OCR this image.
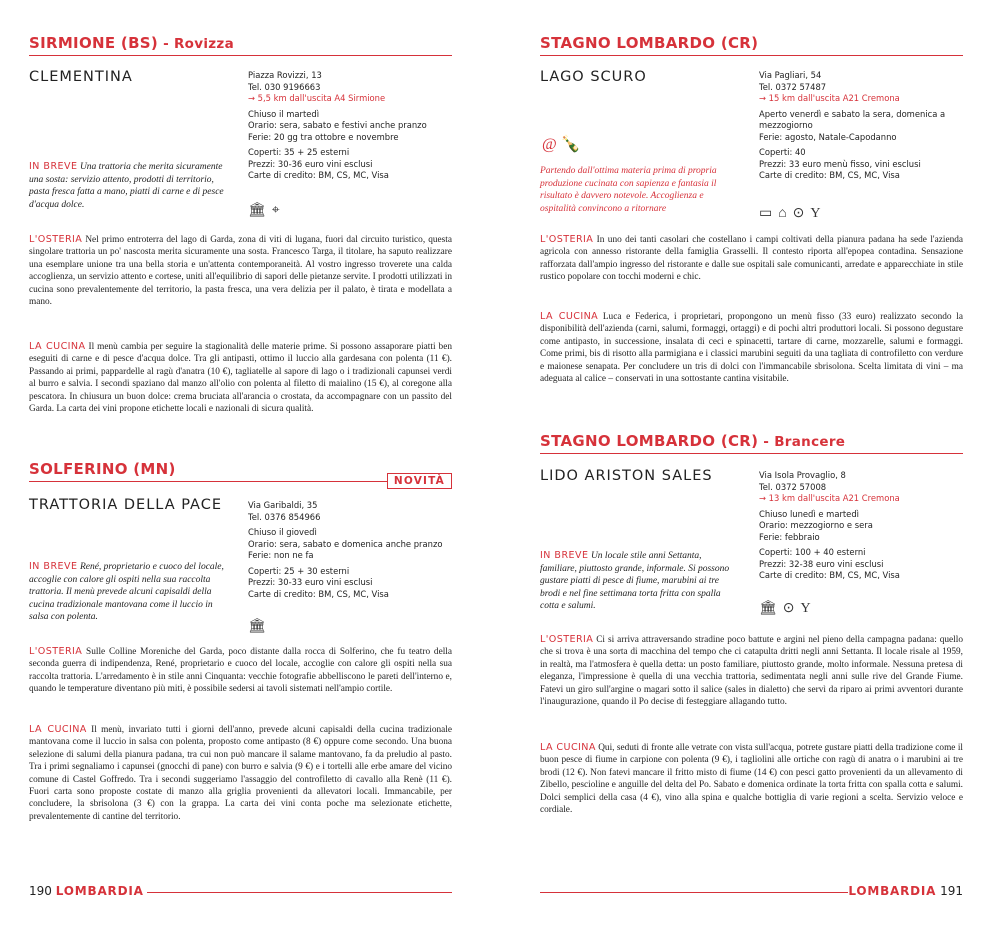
SIRMIONE (BS) - Rovizza
CLEMENTINA	Piazza Rovizzi, 13
Tel. 030 9196663
→ 5,5 km dall'uscita A4 Sirmione
Chiuso il martedì
Orario: sera, sabato e festivi anche pranzo
Ferie: 20 gg tra ottobre e novembre
Coperti: 35 + 25 esterni
Prezzi: 30-36 euro vini esclusi
Carte di credito: BM, CS, MC, Visa
🏛 ⌖
IN BREVE Una trattoria che merita sicuramente una sosta: servizio attento, prodotti di territorio, pasta fresca fatta a mano, piatti di carne e di pesce d'acqua dolce.
L'OSTERIA Nel primo entroterra del lago di Garda, zona di viti di lugana, fuori dal circuito turistico, questa singolare trattoria un po' nascosta merita sicuramente una sosta. Francesco Targa, il titolare, ha saputo realizzare una esemplare unione tra una bella storia e un'attenta contemporaneità. Al vostro ingresso troverete una calda accoglienza, un servizio attento e cortese, uniti all'equilibrio di sapori delle pietanze servite. I prodotti utilizzati in cucina sono prevalentemente del territorio, la pasta fresca, una vera delizia per il palato, è tirata e modellata a mano.
LA CUCINA Il menù cambia per seguire la stagionalità delle materie prime. Si possono assaporare piatti ben eseguiti di carne e di pesce d'acqua dolce. Tra gli antipasti, ottimo il luccio alla gardesana con polenta (11 €). Passando ai primi, pappardelle al ragù d'anatra (10 €), tagliatelle al sapore di lago o i tradizionali capunsei verdi al burro e salvia. I secondi spaziano dal manzo all'olio con polenta al filetto di maialino (15 €), al coregone alla pescatora. In chiusura un buon dolce: crema bruciata all'arancia o crostata, da accompagnare con un passito del Garda. La carta dei vini propone etichette locali e nazionali di sicura qualità.
SOLFERINO (MN)
NOVITÀ
TRATTORIA DELLA PACE	Via Garibaldi, 35
Tel. 0376 854966
Chiuso il giovedì
Orario: sera, sabato e domenica anche pranzo
Ferie: non ne fa
Coperti: 25 + 30 esterni
Prezzi: 30-33 euro vini esclusi
Carte di credito: BM, CS, MC, Visa
🏛
IN BREVE René, proprietario e cuoco del locale, accoglie con calore gli ospiti nella sua raccolta trattoria. Il menù prevede alcuni capisaldi della cucina tradizionale mantovana come il luccio in salsa con polenta.
L'OSTERIA Sulle Colline Moreniche del Garda, poco distante dalla rocca di Solferino, che fu teatro della seconda guerra di indipendenza, René, proprietario e cuoco del locale, accoglie con calore gli ospiti nella sua raccolta trattoria. L'arredamento è in stile anni Cinquanta: vecchie fotografie abbelliscono le pareti dell'interno e, quando le temperature diventano più miti, è possibile sedersi ai tavoli sistemati nell'ampio cortile.
LA CUCINA Il menù, invariato tutti i giorni dell'anno, prevede alcuni capisaldi della cucina tradizionale mantovana come il luccio in salsa con polenta, proposto come antipasto (8 €) oppure come secondo. Una buona selezione di salumi della pianura padana, tra cui non può mancare il salame mantovano, fa da preludio al pasto. Tra i primi segnaliamo i capunsei (gnocchi di pane) con burro e salvia (9 €) e i tortelli alle erbe amare del vicino comune di Castel Goffredo. Tra i secondi suggeriamo l'assaggio del controfiletto di cavallo alla Renè (11 €). Fuori carta sono proposte costate di manzo alla griglia provenienti da allevatori locali. Immancabile, per concludere, la sbrisolona (3 €) con la grappa. La carta dei vini conta poche ma selezionate etichette, prevalentemente di cantine del territorio.
190 LOMBARDIA
STAGNO LOMBARDO (CR)
LAGO SCURO	Via Pagliari, 54
Tel. 0372 57487
→ 15 km dall'uscita A21 Cremona
Aperto venerdì e sabato la sera, domenica a mezzogiorno
Ferie: agosto, Natale-Capodanno
Coperti: 40
Prezzi: 33 euro menù fisso, vini esclusi
Carte di credito: BM, CS, MC, Visa
@ 🍾
▭ ⌂ ⊙ Y
Partendo dall'ottima materia prima di propria produzione cucinata con sapienza e fantasia il risultato è davvero notevole. Accoglienza e ospitalità convincono a ritornare
L'OSTERIA In uno dei tanti casolari che costellano i campi coltivati della pianura padana ha sede l'azienda agricola con annesso ristorante della famiglia Grasselli. Il contesto riporta all'epopea contadina. Sensazione rafforzata dall'ampio ingresso del ristorante e dalle sue ospitali sale comunicanti, arredate e apparecchiate in stile rustico popolare con tocchi moderni e chic.
LA CUCINA Luca e Federica, i proprietari, propongono un menù fisso (33 euro) realizzato secondo la disponibilità dell'azienda (carni, salumi, formaggi, ortaggi) e di pochi altri produttori locali. Si possono degustare come antipasto, in successione, insalata di ceci e spinacetti, tartare di carne, mozzarelle, salumi e formaggi. Come primi, bis di risotto alla parmigiana e i classici marubini seguiti da una tagliata di controfiletto con verdure e maionese senapata. Per concludere un tris di dolci con l'immancabile sbrisolona. Scelta limitata di vini – ma adeguata al calice – conservati in una sottostante cantina visitabile.
STAGNO LOMBARDO (CR) - Brancere
LIDO ARISTON SALES	Via Isola Provaglio, 8
Tel. 0372 57008
→ 13 km dall'uscita A21 Cremona
Chiuso lunedì e martedì
Orario: mezzogiorno e sera
Ferie: febbraio
Coperti: 100 + 40 esterni
Prezzi: 32-38 euro vini esclusi
Carte di credito: BM, CS, MC, Visa
🏛 ⊙ Y
IN BREVE Un locale stile anni Settanta, familiare, piuttosto grande, informale. Si possono gustare piatti di pesce di fiume, marubini ai tre brodi e nel fine settimana torta fritta con spalla cotta e salumi.
L'OSTERIA Ci si arriva attraversando stradine poco battute e argini nel pieno della campagna padana: quello che si trova è una sorta di macchina del tempo che ci catapulta dritti negli anni Settanta. Il locale risale al 1959, in realtà, ma l'atmosfera è quella detta: un posto familiare, piuttosto grande, molto informale. Nessuna pretesa di eleganza, l'impressione è quella di una vecchia trattoria, sedimentata negli anni sulle rive del Grande Fiume. Fatevi un giro sull'argine o magari sotto il salice (sales in dialetto) che servì da riparo ai primi avventori durante l'inaugurazione, quando il Po decise di festeggiare allagando tutto.
LA CUCINA Qui, seduti di fronte alle vetrate con vista sull'acqua, potrete gustare piatti della tradizione come il buon pesce di fiume in carpione con polenta (9 €), i tagliolini alle ortiche con ragù di anatra o i marubini ai tre brodi (12 €). Non fatevi mancare il fritto misto di fiume (14 €) con pesci gatto provenienti da un allevamento di Zibello, pescioline e anguille del delta del Po. Sabato e domenica ordinate la torta fritta con spalla cotta e salumi. Dolci semplici della casa (4 €), vino alla spina e qualche bottiglia di varie regioni a scelta. Servizio veloce e cordiale.
LOMBARDIA 191
